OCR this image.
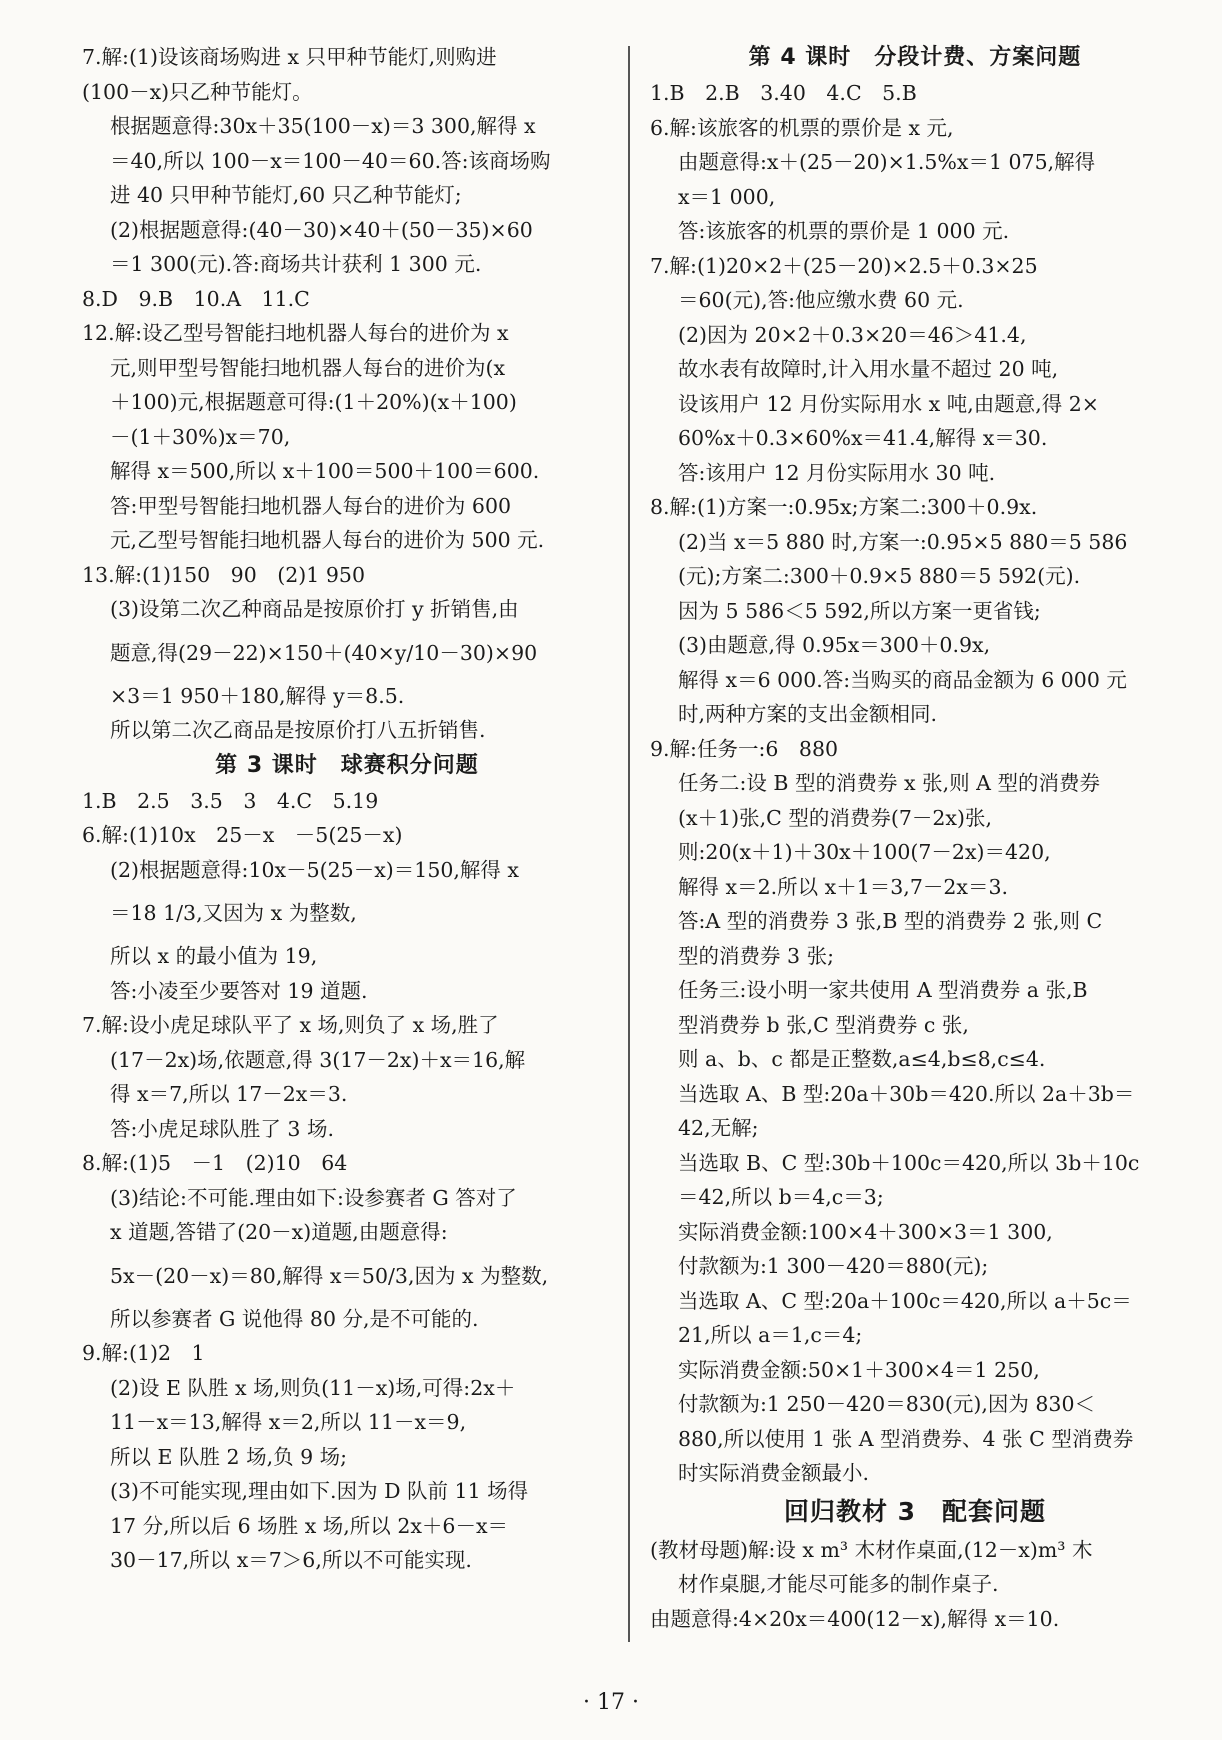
7.解:(1)设该商场购进 x 只甲种节能灯,则购进
(100－x)只乙种节能灯。
根据题意得:30x＋35(100－x)＝3 300,解得 x
＝40,所以 100－x＝100－40＝60.答:该商场购
进 40 只甲种节能灯,60 只乙种节能灯;
(2)根据题意得:(40－30)×40＋(50－35)×60
＝1 300(元).答:商场共计获利 1 300 元.
8.D　9.B　10.A　11.C
12.解:设乙型号智能扫地机器人每台的进价为 x
元,则甲型号智能扫地机器人每台的进价为(x
＋100)元,根据题意可得:(1＋20%)(x＋100)
－(1＋30%)x＝70,
解得 x＝500,所以 x＋100＝500＋100＝600.
答:甲型号智能扫地机器人每台的进价为 600
元,乙型号智能扫地机器人每台的进价为 500 元.
13.解:(1)150　90　(2)1 950
(3)设第二次乙种商品是按原价打 y 折销售,由
题意,得(29－22)×150＋(40×y/10－30)×90
×3＝1 950＋180,解得 y＝8.5.
所以第二次乙商品是按原价打八五折销售.
第 3 课时　球赛积分问题
1.B　2.5　3.5　3　4.C　5.19
6.解:(1)10x　25－x　－5(25－x)
(2)根据题意得:10x－5(25－x)＝150,解得 x
＝18 1/3,又因为 x 为整数,
所以 x 的最小值为 19,
答:小凌至少要答对 19 道题.
7.解:设小虎足球队平了 x 场,则负了 x 场,胜了
(17－2x)场,依题意,得 3(17－2x)＋x＝16,解
得 x＝7,所以 17－2x＝3.
答:小虎足球队胜了 3 场.
8.解:(1)5　－1　(2)10　64
(3)结论:不可能.理由如下:设参赛者 G 答对了
x 道题,答错了(20－x)道题,由题意得:
5x－(20－x)＝80,解得 x＝50/3,因为 x 为整数,
所以参赛者 G 说他得 80 分,是不可能的.
9.解:(1)2　1
(2)设 E 队胜 x 场,则负(11－x)场,可得:2x＋
11－x＝13,解得 x＝2,所以 11－x＝9,
所以 E 队胜 2 场,负 9 场;
(3)不可能实现,理由如下.因为 D 队前 11 场得
17 分,所以后 6 场胜 x 场,所以 2x＋6－x＝
30－17,所以 x＝7＞6,所以不可能实现.
第 4 课时　分段计费、方案问题
1.B　2.B　3.40　4.C　5.B
6.解:该旅客的机票的票价是 x 元,
由题意得:x＋(25－20)×1.5%x＝1 075,解得
x＝1 000,
答:该旅客的机票的票价是 1 000 元.
7.解:(1)20×2＋(25－20)×2.5＋0.3×25
＝60(元),答:他应缴水费 60 元.
(2)因为 20×2＋0.3×20＝46＞41.4,
故水表有故障时,计入用水量不超过 20 吨,
设该用户 12 月份实际用水 x 吨,由题意,得 2×
60%x＋0.3×60%x＝41.4,解得 x＝30.
答:该用户 12 月份实际用水 30 吨.
8.解:(1)方案一:0.95x;方案二:300＋0.9x.
(2)当 x＝5 880 时,方案一:0.95×5 880＝5 586
(元);方案二:300＋0.9×5 880＝5 592(元).
因为 5 586＜5 592,所以方案一更省钱;
(3)由题意,得 0.95x＝300＋0.9x,
解得 x＝6 000.答:当购买的商品金额为 6 000 元
时,两种方案的支出金额相同.
9.解:任务一:6　880
任务二:设 B 型的消费券 x 张,则 A 型的消费券
(x＋1)张,C 型的消费券(7－2x)张,
则:20(x＋1)＋30x＋100(7－2x)＝420,
解得 x＝2.所以 x＋1＝3,7－2x＝3.
答:A 型的消费券 3 张,B 型的消费券 2 张,则 C
型的消费券 3 张;
任务三:设小明一家共使用 A 型消费券 a 张,B
型消费券 b 张,C 型消费券 c 张,
则 a、b、c 都是正整数,a≤4,b≤8,c≤4.
当选取 A、B 型:20a＋30b＝420.所以 2a＋3b＝
42,无解;
当选取 B、C 型:30b＋100c＝420,所以 3b＋10c
＝42,所以 b＝4,c＝3;
实际消费金额:100×4＋300×3＝1 300,
付款额为:1 300－420＝880(元);
当选取 A、C 型:20a＋100c＝420,所以 a＋5c＝
21,所以 a＝1,c＝4;
实际消费金额:50×1＋300×4＝1 250,
付款额为:1 250－420＝830(元),因为 830＜
880,所以使用 1 张 A 型消费券、4 张 C 型消费券
时实际消费金额最小.
回归教材 3　配套问题
(教材母题)解:设 x m³ 木材作桌面,(12－x)m³ 木
材作桌腿,才能尽可能多的制作桌子.
由题意得:4×20x＝400(12－x),解得 x＝10.
· 17 ·
